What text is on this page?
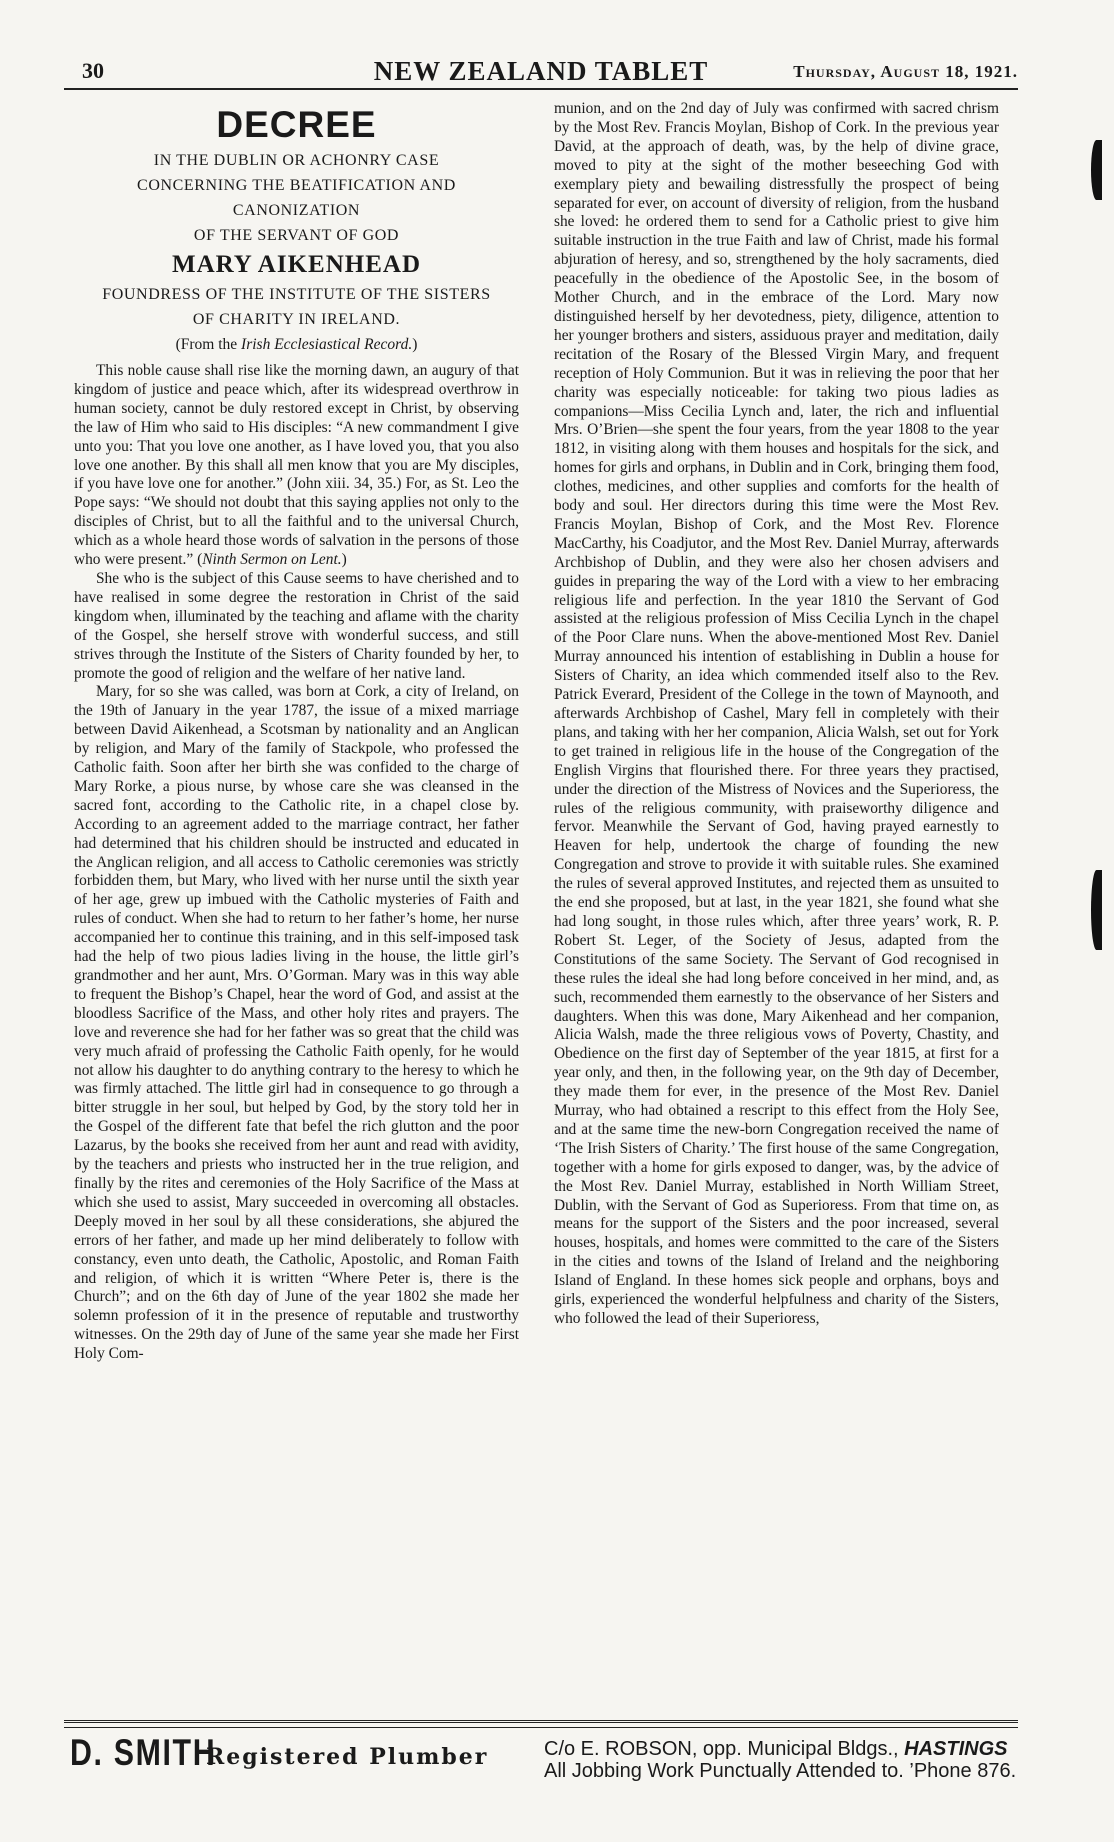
30	NEW ZEALAND TABLET	Thursday, August 18, 1921.
DECREE
IN THE DUBLIN OR ACHONRY CASE
CONCERNING THE BEATIFICATION AND
CANONIZATION
OF THE SERVANT OF GOD
MARY AIKENHEAD
FOUNDRESS OF THE INSTITUTE OF THE SISTERS
OF CHARITY IN IRELAND.
(From the Irish Ecclesiastical Record.)

This noble cause shall rise like the morning dawn, an augury of that kingdom of justice and peace which, after its widespread overthrow in human society, cannot be duly restored except in Christ, by observing the law of Him who said to His disciples: “A new commandment I give unto you: That you love one another, as I have loved you, that you also love one another. By this shall all men know that you are My disciples, if you have love one for another.” (John xiii. 34, 35.) For, as St. Leo the Pope says: “We should not doubt that this saying applies not only to the disciples of Christ, but to all the faithful and to the universal Church, which as a whole heard those words of salvation in the persons of those who were present.” (Ninth Sermon on Lent.)

She who is the subject of this Cause seems to have cherished and to have realised in some degree the restoration in Christ of the said kingdom when, illuminated by the teaching and aflame with the charity of the Gospel, she herself strove with wonderful success, and still strives through the Institute of the Sisters of Charity founded by her, to promote the good of religion and the welfare of her native land.

Mary, for so she was called, was born at Cork, a city of Ireland, on the 19th of January in the year 1787, the issue of a mixed marriage between David Aikenhead, a Scotsman by nationality and an Anglican by religion, and Mary of the family of Stackpole, who professed the Catholic faith. Soon after her birth she was confided to the charge of Mary Rorke, a pious nurse, by whose care she was cleansed in the sacred font, according to the Catholic rite, in a chapel close by. According to an agreement added to the marriage contract, her father had determined that his children should be instructed and educated in the Anglican religion, and all access to Catholic ceremonies was strictly forbidden them, but Mary, who lived with her nurse until the sixth year of her age, grew up imbued with the Catholic mysteries of Faith and rules of conduct. When she had to return to her father’s home, her nurse accompanied her to continue this training, and in this self-imposed task had the help of two pious ladies living in the house, the little girl’s grandmother and her aunt, Mrs. O’Gorman. Mary was in this way able to frequent the Bishop’s Chapel, hear the word of God, and assist at the bloodless Sacrifice of the Mass, and other holy rites and prayers. The love and reverence she had for her father was so great that the child was very much afraid of professing the Catholic Faith openly, for he would not allow his daughter to do anything contrary to the heresy to which he was firmly attached. The little girl had in consequence to go through a bitter struggle in her soul, but helped by God, by the story told her in the Gospel of the different fate that befel the rich glutton and the poor Lazarus, by the books she received from her aunt and read with avidity, by the teachers and priests who instructed her in the true religion, and finally by the rites and ceremonies of the Holy Sacrifice of the Mass at which she used to assist, Mary succeeded in overcoming all obstacles. Deeply moved in her soul by all these considerations, she abjured the errors of her father, and made up her mind deliberately to follow with constancy, even unto death, the Catholic, Apostolic, and Roman Faith and religion, of which it is written “Where Peter is, there is the Church”; and on the 6th day of June of the year 1802 she made her solemn profession of it in the presence of reputable and trustworthy witnesses. On the 29th day of June of the same year she made her First Holy Com-

munion, and on the 2nd day of July was confirmed with sacred chrism by the Most Rev. Francis Moylan, Bishop of Cork. In the previous year David, at the approach of death, was, by the help of divine grace, moved to pity at the sight of the mother beseeching God with exemplary piety and bewailing distressfully the prospect of being separated for ever, on account of diversity of religion, from the husband she loved: he ordered them to send for a Catholic priest to give him suitable instruction in the true Faith and law of Christ, made his formal abjuration of heresy, and so, strengthened by the holy sacraments, died peacefully in the obedience of the Apostolic See, in the bosom of Mother Church, and in the embrace of the Lord. Mary now distinguished herself by her devotedness, piety, diligence, attention to her younger brothers and sisters, assiduous prayer and meditation, daily recitation of the Rosary of the Blessed Virgin Mary, and frequent reception of Holy Communion. But it was in relieving the poor that her charity was especially noticeable: for taking two pious ladies as companions—Miss Cecilia Lynch and, later, the rich and influential Mrs. O’Brien—she spent the four years, from the year 1808 to the year 1812, in visiting along with them houses and hospitals for the sick, and homes for girls and orphans, in Dublin and in Cork, bringing them food, clothes, medicines, and other supplies and comforts for the health of body and soul. Her directors during this time were the Most Rev. Francis Moylan, Bishop of Cork, and the Most Rev. Florence MacCarthy, his Coadjutor, and the Most Rev. Daniel Murray, afterwards Archbishop of Dublin, and they were also her chosen advisers and guides in preparing the way of the Lord with a view to her embracing religious life and perfection. In the year 1810 the Servant of God assisted at the religious profession of Miss Cecilia Lynch in the chapel of the Poor Clare nuns. When the above-mentioned Most Rev. Daniel Murray announced his intention of establishing in Dublin a house for Sisters of Charity, an idea which commended itself also to the Rev. Patrick Everard, President of the College in the town of Maynooth, and afterwards Archbishop of Cashel, Mary fell in completely with their plans, and taking with her her companion, Alicia Walsh, set out for York to get trained in religious life in the house of the Congregation of the English Virgins that flourished there. For three years they practised, under the direction of the Mistress of Novices and the Superioress, the rules of the religious community, with praiseworthy diligence and fervor. Meanwhile the Servant of God, having prayed earnestly to Heaven for help, undertook the charge of founding the new Congregation and strove to provide it with suitable rules. She examined the rules of several approved Institutes, and rejected them as unsuited to the end she proposed, but at last, in the year 1821, she found what she had long sought, in those rules which, after three years’ work, R. P. Robert St. Leger, of the Society of Jesus, adapted from the Constitutions of the same Society. The Servant of God recognised in these rules the ideal she had long before conceived in her mind, and, as such, recommended them earnestly to the observance of her Sisters and daughters. When this was done, Mary Aikenhead and her companion, Alicia Walsh, made the three religious vows of Poverty, Chastity, and Obedience on the first day of September of the year 1815, at first for a year only, and then, in the following year, on the 9th day of December, they made them for ever, in the presence of the Most Rev. Daniel Murray, who had obtained a rescript to this effect from the Holy See, and at the same time the new-born Congregation received the name of ‘The Irish Sisters of Charity.’ The first house of the same Congregation, together with a home for girls exposed to danger, was, by the advice of the Most Rev. Daniel Murray, established in North William Street, Dublin, with the Servant of God as Superioress. From that time on, as means for the support of the Sisters and the poor increased, several houses, hospitals, and homes were committed to the care of the Sisters in the cities and towns of the Island of Ireland and the neighboring Island of England. In these homes sick people and orphans, boys and girls, experienced the wonderful helpfulness and charity of the Sisters, who followed the lead of their Superioress,

D. SMITH
Registered Plumber	C/o E. ROBSON, opp. Municipal Bldgs., HASTINGS
All Jobbing Work Punctually Attended to. ’Phone 876.
